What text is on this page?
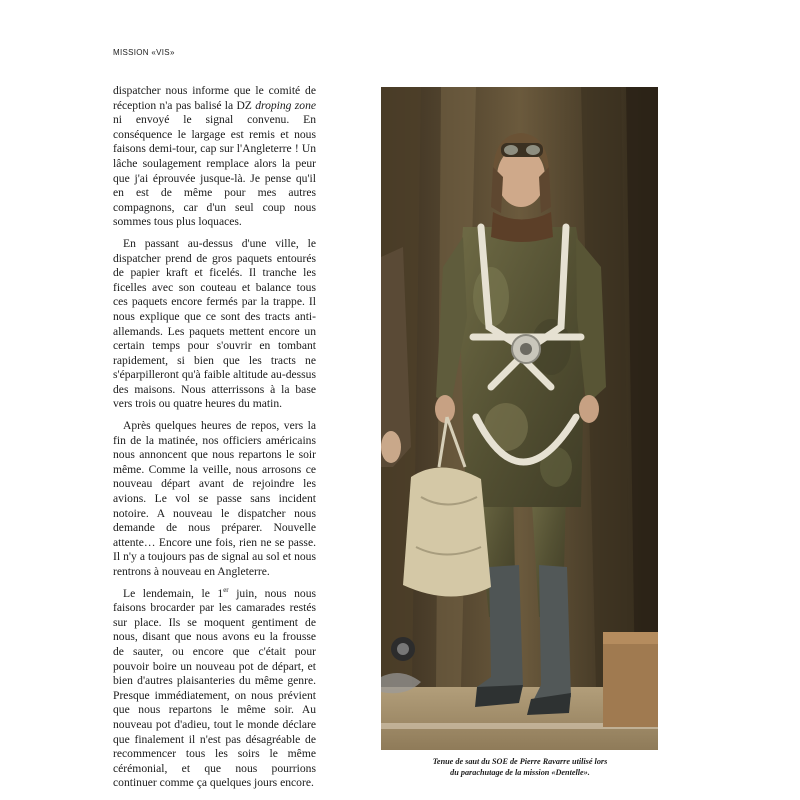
MISSION «VIS»

dispatcher nous informe que le comité de réception n'a pas balisé la DZ droping zone ni envoyé le signal convenu. En conséquence le largage est remis et nous faisons demi-tour, cap sur l'Angleterre ! Un lâche soulagement remplace alors la peur que j'ai éprouvée jusque-là. Je pense qu'il en est de même pour mes autres compagnons, car d'un seul coup nous sommes tous plus loquaces.

En passant au-dessus d'une ville, le dispatcher prend de gros paquets entourés de papier kraft et ficelés. Il tranche les ficelles avec son couteau et balance tous ces paquets encore fermés par la trappe. Il nous explique que ce sont des tracts anti-allemands. Les paquets mettent encore un certain temps pour s'ouvrir en tombant rapidement, si bien que les tracts ne s'éparpilleront qu'à faible altitude au-dessus des maisons. Nous atterrissons à la base vers trois ou quatre heures du matin.

Après quelques heures de repos, vers la fin de la matinée, nos officiers américains nous annoncent que nous repartons le soir même. Comme la veille, nous arrosons ce nouveau départ avant de rejoindre les avions. Le vol se passe sans incident notoire. A nouveau le dispatcher nous demande de nous préparer. Nouvelle attente… Encore une fois, rien ne se passe. Il n'y a toujours pas de signal au sol et nous rentrons à nouveau en Angleterre.

Le lendemain, le 1er juin, nous nous faisons brocarder par les camarades restés sur place. Ils se moquent gentiment de nous, disant que nous avons eu la frousse de sauter, ou encore que c'était pour pouvoir boire un nouveau pot de départ, et bien d'autres plaisanteries du même genre. Presque immédiatement, on nous prévient que nous repartons le même soir. Au nouveau pot d'adieu, tout le monde déclare que finalement il n'est pas désagréable de recommencer tous les soirs le même cérémonial, et que nous pourrions continuer comme ça quelques jours encore.

Tenue de saut du SOE de Pierre Ravarre utilisé lors
du parachutage de la mission «Dentelle».
